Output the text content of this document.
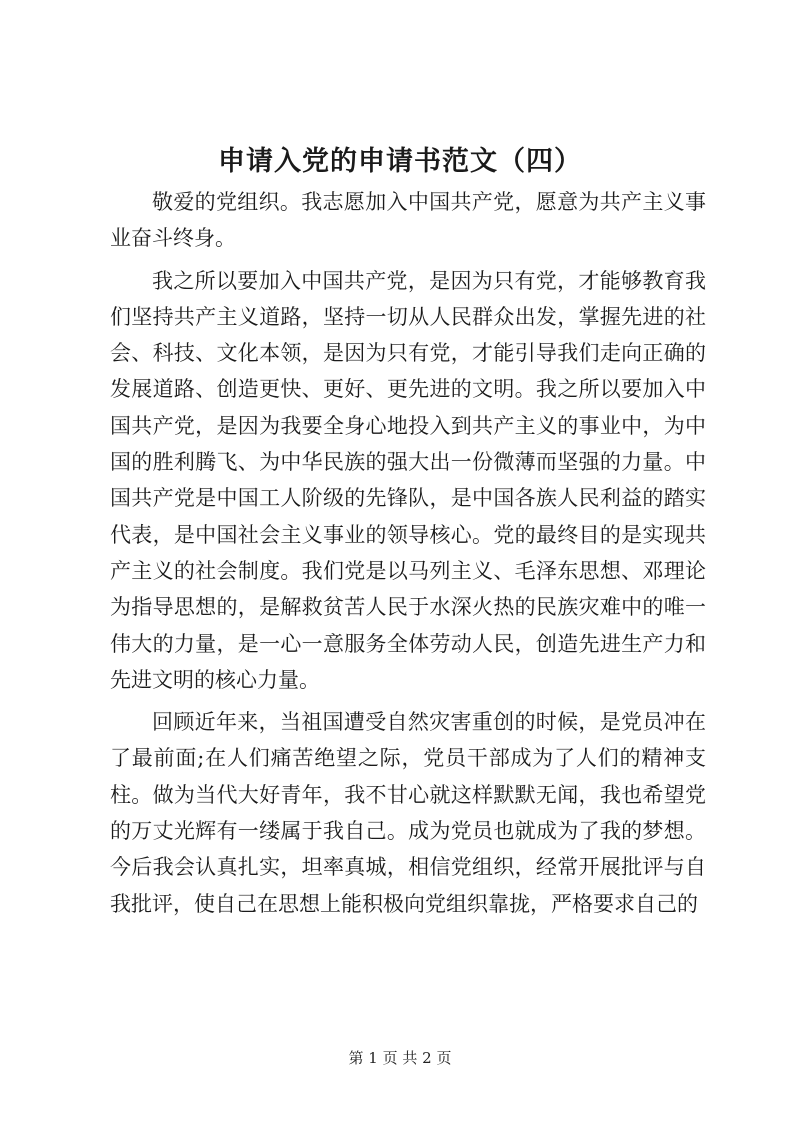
申请入党的申请书范文（四）

敬爱的党组织。我志愿加入中国共产党，愿意为共产主义事业奋斗终身。

我之所以要加入中国共产党，是因为只有党，才能够教育我们坚持共产主义道路，坚持一切从人民群众出发，掌握先进的社会、科技、文化本领，是因为只有党，才能引导我们走向正确的发展道路、创造更快、更好、更先进的文明。我之所以要加入中国共产党，是因为我要全身心地投入到共产主义的事业中，为中国的胜利腾飞、为中华民族的强大出一份微薄而坚强的力量。中国共产党是中国工人阶级的先锋队，是中国各族人民利益的踏实代表，是中国社会主义事业的领导核心。党的最终目的是实现共产主义的社会制度。我们党是以马列主义、毛泽东思想、邓理论为指导思想的，是解救贫苦人民于水深火热的民族灾难中的唯一伟大的力量，是一心一意服务全体劳动人民，创造先进生产力和先进文明的核心力量。

回顾近年来，当祖国遭受自然灾害重创的时候，是党员冲在了最前面;在人们痛苦绝望之际，党员干部成为了人们的精神支柱。做为当代大好青年，我不甘心就这样默默无闻，我也希望党的万丈光辉有一缕属于我自己。成为党员也就成为了我的梦想。今后我会认真扎实，坦率真城，相信党组织，经常开展批评与自我批评，使自己在思想上能积极向党组织靠拢，严格要求自己的

第 1 页 共 2 页
